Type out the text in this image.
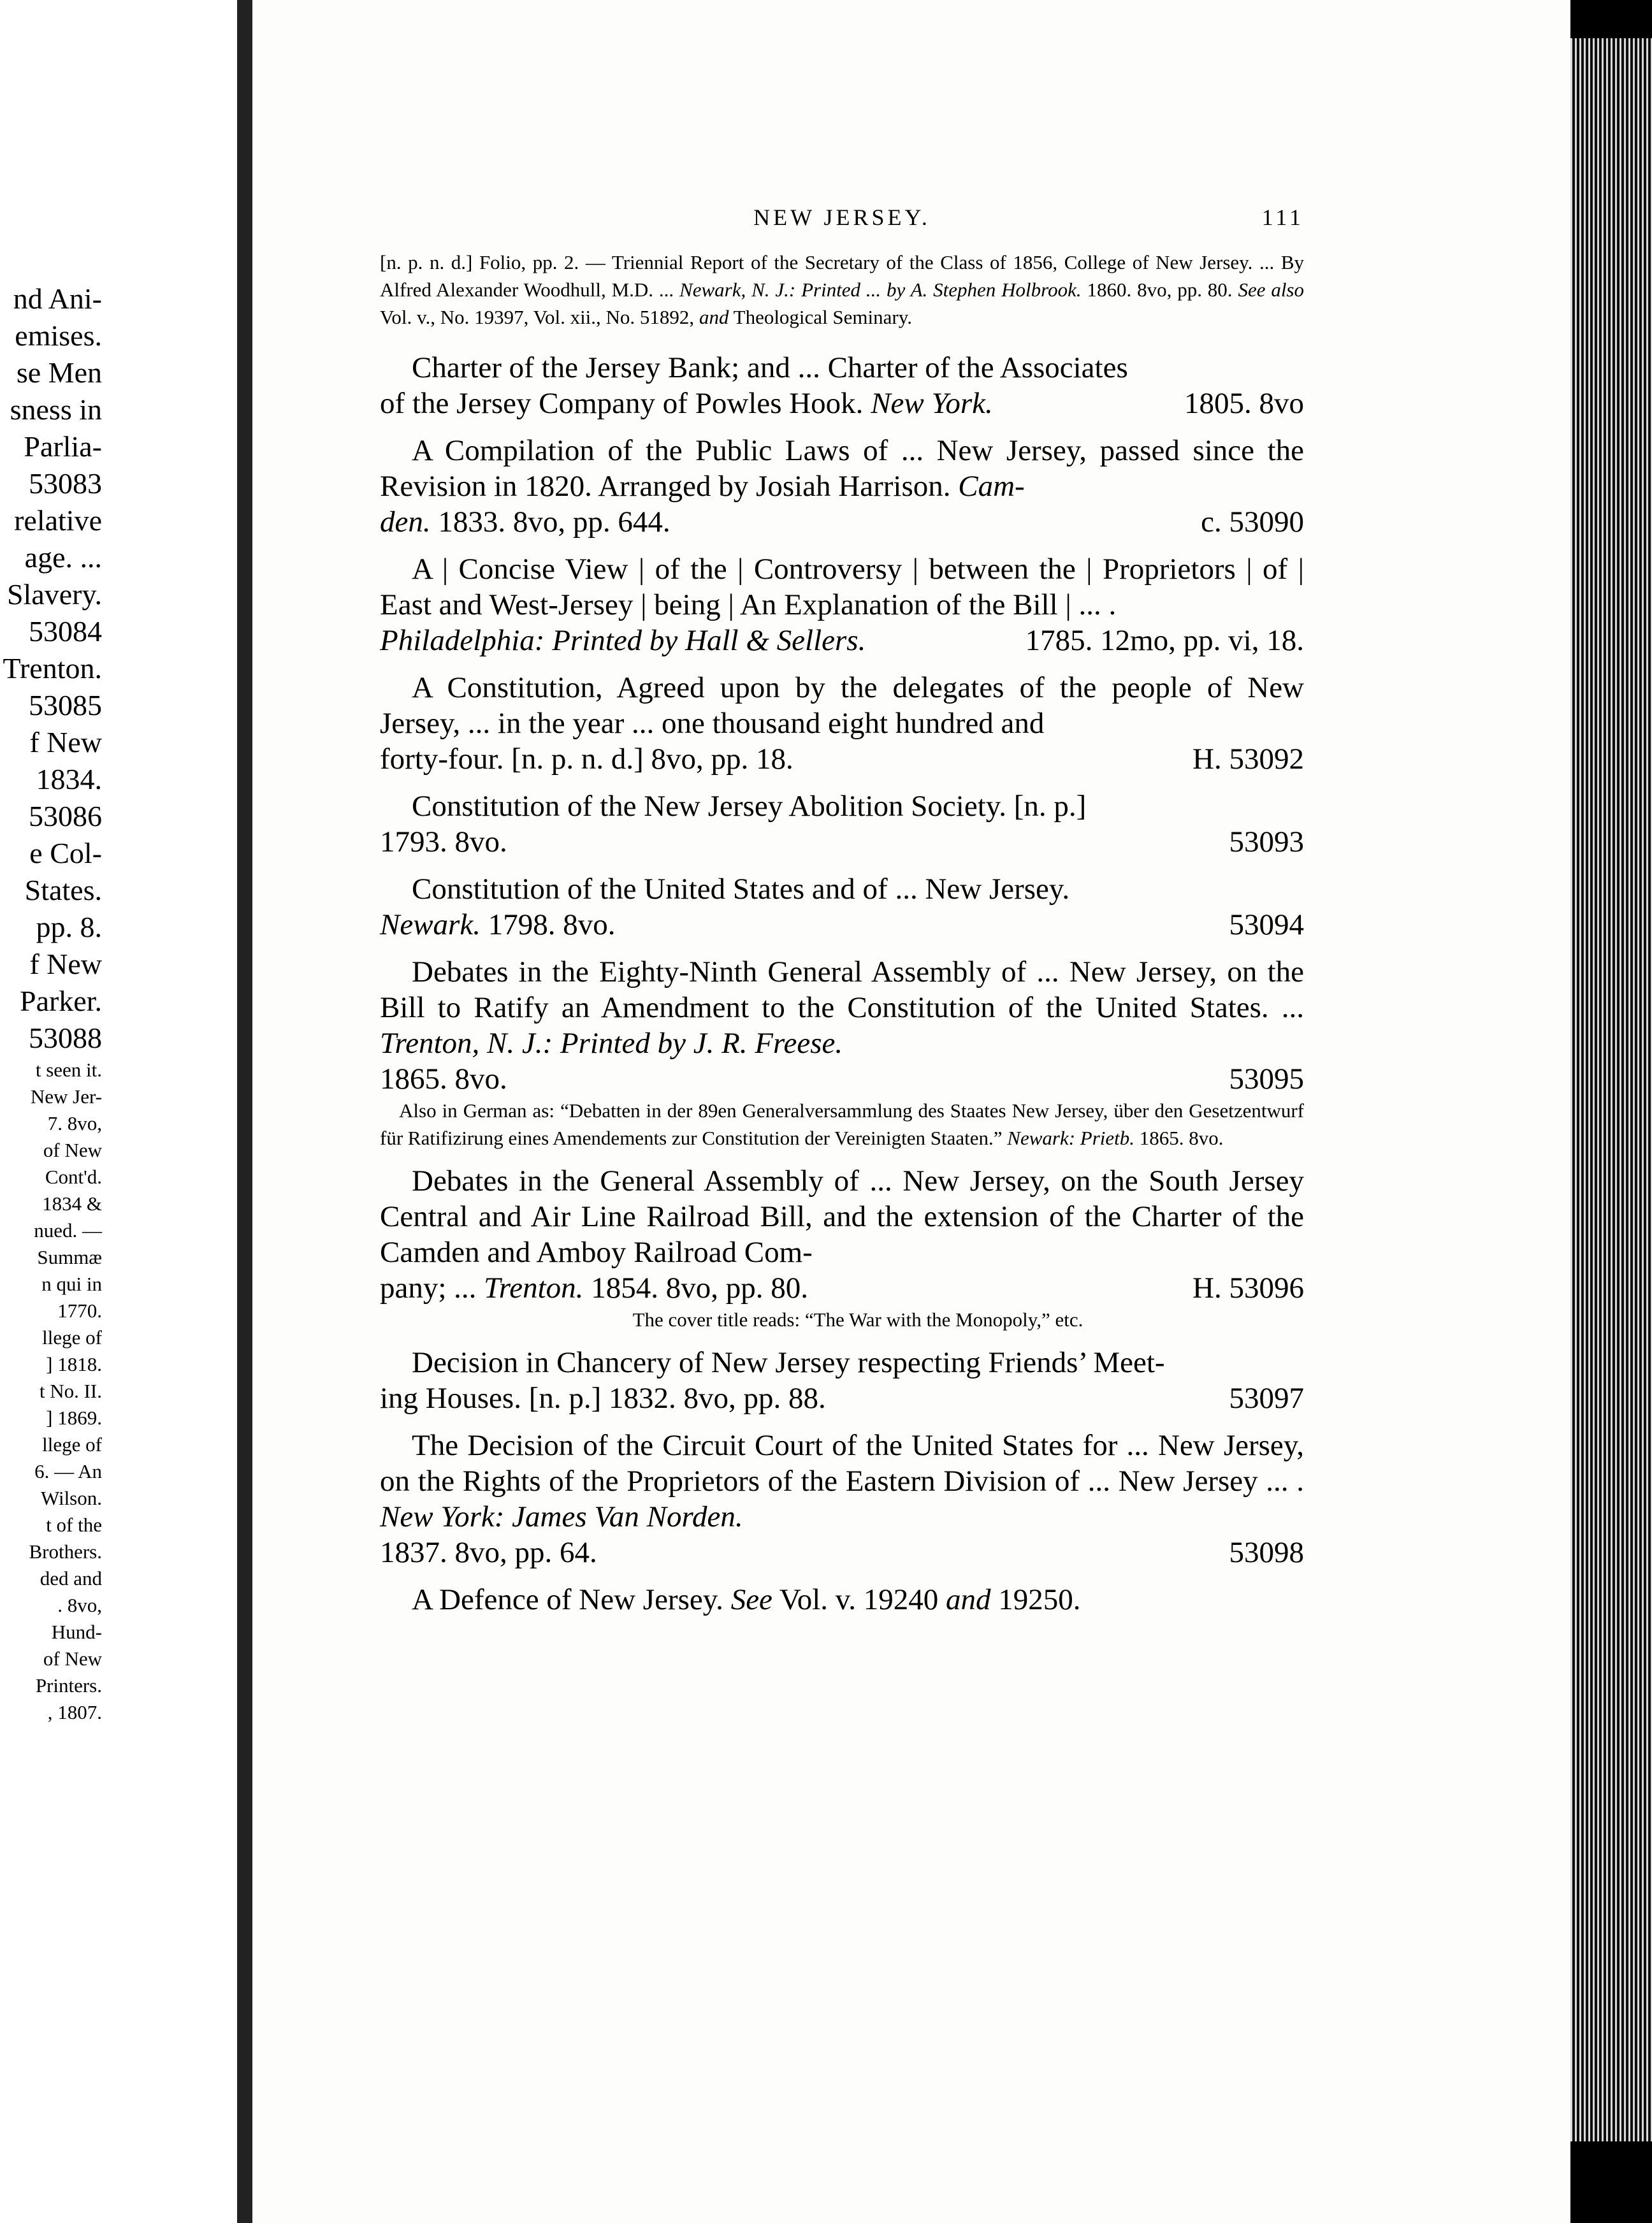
nd Ani-
emises.
se Men
sness in
Parlia-
53083
relative
age. ...
Slavery.
53084
Trenton.
53085
f New
1834.
53086
e Col-
States.
pp. 8.
f New
Parker.
53088
t seen it.
New Jer-
7. 8vo,
of New
Cont'd.
1834 &
nued. —
Summæ
n qui in
1770.
llege of
] 1818.
t No. II.
] 1869.
llege of
6. — An
Wilson.
t of the
Brothers.
ded and
. 8vo,
Hund-
of New
Printers.
, 1807.
NEW JERSEY.	111
[n. p. n. d.] Folio, pp. 2. — Triennial Report of the Secretary of the Class of 1856, College of New Jersey. ... By Alfred Alexander Woodhull, M.D. ... Newark, N. J.: Printed ... by A. Stephen Holbrook. 1860. 8vo, pp. 80. See also Vol. v., No. 19397, Vol. xii., No. 51892, and Theological Seminary.
Charter of the Jersey Bank; and ... Charter of the Associates
of the Jersey Company of Powles Hook. New York.	1805. 8vo
A Compilation of the Public Laws of ... New Jersey, passed since the Revision in 1820. Arranged by Josiah Harrison. Cam-
den. 1833. 8vo, pp. 644.	c. 53090
A | Concise View | of the | Controversy | between the | Proprietors | of | East and West-Jersey | being | An Explanation of the Bill | ... .
Philadelphia: Printed by Hall & Sellers.	1785. 12mo, pp. vi, 18.
A Constitution, Agreed upon by the delegates of the people of New Jersey, ... in the year ... one thousand eight hundred and
forty-four. [n. p. n. d.] 8vo, pp. 18.	H. 53092
Constitution of the New Jersey Abolition Society. [n. p.]
1793. 8vo.	53093
Constitution of the United States and of ... New Jersey.
Newark. 1798. 8vo.	53094
Debates in the Eighty-Ninth General Assembly of ... New Jersey, on the Bill to Ratify an Amendment to the Constitution of the United States. ... Trenton, N. J.: Printed by J. R. Freese.
1865. 8vo.	53095
Also in German as: “Debatten in der 89en Generalversammlung des Staates New Jersey, über den Gesetzentwurf für Ratifizirung eines Amendements zur Constitution der Vereinigten Staaten.” Newark: Prietb. 1865. 8vo.
Debates in the General Assembly of ... New Jersey, on the South Jersey Central and Air Line Railroad Bill, and the extension of the Charter of the Camden and Amboy Railroad Com-
pany; ... Trenton. 1854. 8vo, pp. 80.	H. 53096
The cover title reads: “The War with the Monopoly,” etc.
Decision in Chancery of New Jersey respecting Friends’ Meet-
ing Houses. [n. p.] 1832. 8vo, pp. 88.	53097
The Decision of the Circuit Court of the United States for ... New Jersey, on the Rights of the Proprietors of the Eastern Division of ... New Jersey ... . New York: James Van Norden.
1837. 8vo, pp. 64.	53098
A Defence of New Jersey. See Vol. v. 19240 and 19250.
